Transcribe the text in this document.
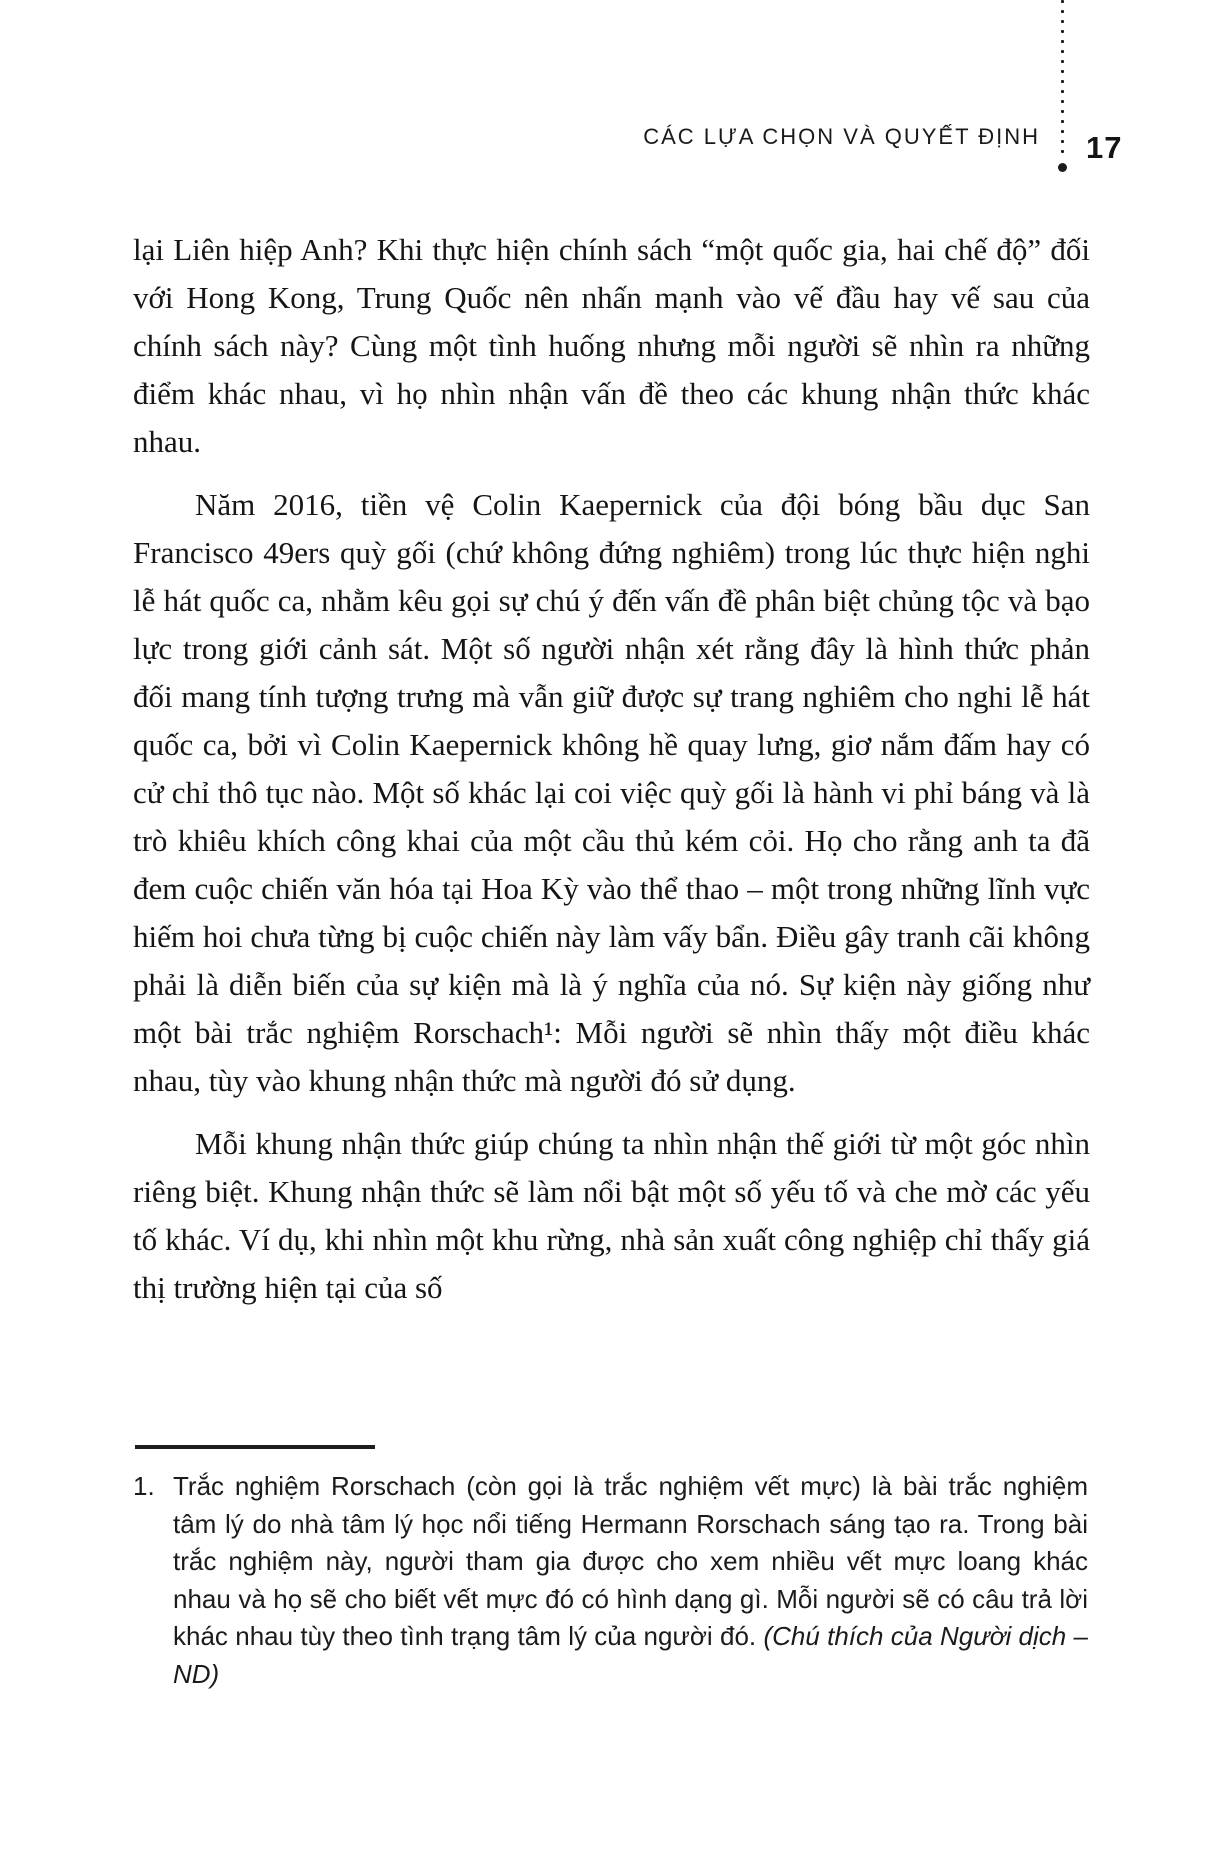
CÁC LỰA CHỌN VÀ QUYẾT ĐỊNH 17

lại Liên hiệp Anh? Khi thực hiện chính sách “một quốc gia, hai chế độ” đối với Hong Kong, Trung Quốc nên nhấn mạnh vào vế đầu hay vế sau của chính sách này? Cùng một tình huống nhưng mỗi người sẽ nhìn ra những điểm khác nhau, vì họ nhìn nhận vấn đề theo các khung nhận thức khác nhau.

Năm 2016, tiền vệ Colin Kaepernick của đội bóng bầu dục San Francisco 49ers quỳ gối (chứ không đứng nghiêm) trong lúc thực hiện nghi lễ hát quốc ca, nhằm kêu gọi sự chú ý đến vấn đề phân biệt chủng tộc và bạo lực trong giới cảnh sát. Một số người nhận xét rằng đây là hình thức phản đối mang tính tượng trưng mà vẫn giữ được sự trang nghiêm cho nghi lễ hát quốc ca, bởi vì Colin Kaepernick không hề quay lưng, giơ nắm đấm hay có cử chỉ thô tục nào. Một số khác lại coi việc quỳ gối là hành vi phỉ báng và là trò khiêu khích công khai của một cầu thủ kém cỏi. Họ cho rằng anh ta đã đem cuộc chiến văn hóa tại Hoa Kỳ vào thể thao – một trong những lĩnh vực hiếm hoi chưa từng bị cuộc chiến này làm vấy bẩn. Điều gây tranh cãi không phải là diễn biến của sự kiện mà là ý nghĩa của nó. Sự kiện này giống như một bài trắc nghiệm Rorschach¹: Mỗi người sẽ nhìn thấy một điều khác nhau, tùy vào khung nhận thức mà người đó sử dụng.

Mỗi khung nhận thức giúp chúng ta nhìn nhận thế giới từ một góc nhìn riêng biệt. Khung nhận thức sẽ làm nổi bật một số yếu tố và che mờ các yếu tố khác. Ví dụ, khi nhìn một khu rừng, nhà sản xuất công nghiệp chỉ thấy giá thị trường hiện tại của số

1. Trắc nghiệm Rorschach (còn gọi là trắc nghiệm vết mực) là bài trắc nghiệm tâm lý do nhà tâm lý học nổi tiếng Hermann Rorschach sáng tạo ra. Trong bài trắc nghiệm này, người tham gia được cho xem nhiều vết mực loang khác nhau và họ sẽ cho biết vết mực đó có hình dạng gì. Mỗi người sẽ có câu trả lời khác nhau tùy theo tình trạng tâm lý của người đó. (Chú thích của Người dịch – ND)
